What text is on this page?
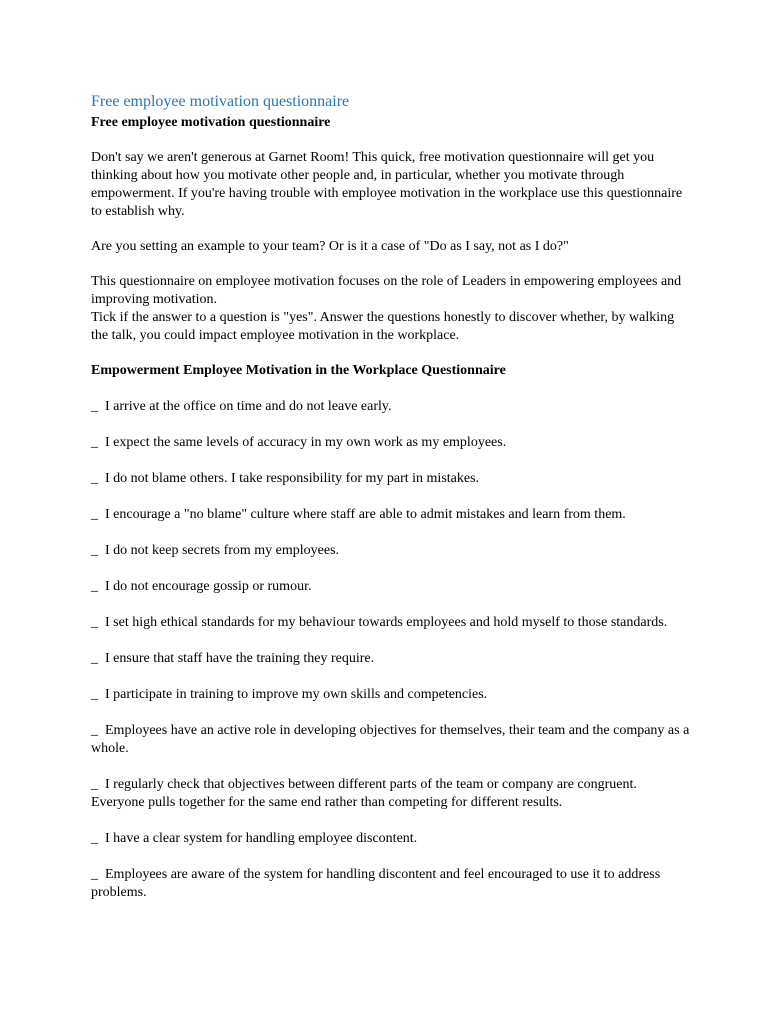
Free employee motivation questionnaire
Free employee motivation questionnaire

Don't say we aren't generous at Garnet Room! This quick, free motivation questionnaire will get you thinking about how you motivate other people and, in particular, whether you motivate through empowerment. If you're having trouble with employee motivation in the workplace use this questionnaire to establish why.

Are you setting an example to your team? Or is it a case of "Do as I say, not as I do?"

This questionnaire on employee motivation focuses on the role of Leaders in empowering employees and improving motivation.

Tick if the answer to a question is "yes". Answer the questions honestly to discover whether, by walking the talk, you could impact employee motivation in the workplace.

Empowerment Employee Motivation in the Workplace Questionnaire
_  I arrive at the office on time and do not leave early.
_  I expect the same levels of accuracy in my own work as my employees.
_  I do not blame others. I take responsibility for my part in mistakes.
_  I encourage a "no blame" culture where staff are able to admit mistakes and learn from them.
_  I do not keep secrets from my employees.
_  I do not encourage gossip or rumour.
_  I set high ethical standards for my behaviour towards employees and hold myself to those standards.
_  I ensure that staff have the training they require.
_  I participate in training to improve my own skills and competencies.
_  Employees have an active role in developing objectives for themselves, their team and the company as a whole.
_  I regularly check that objectives between different parts of the team or company are congruent. Everyone pulls together for the same end rather than competing for different results.
_  I have a clear system for handling employee discontent.
_  Employees are aware of the system for handling discontent and feel encouraged to use it to address problems.
